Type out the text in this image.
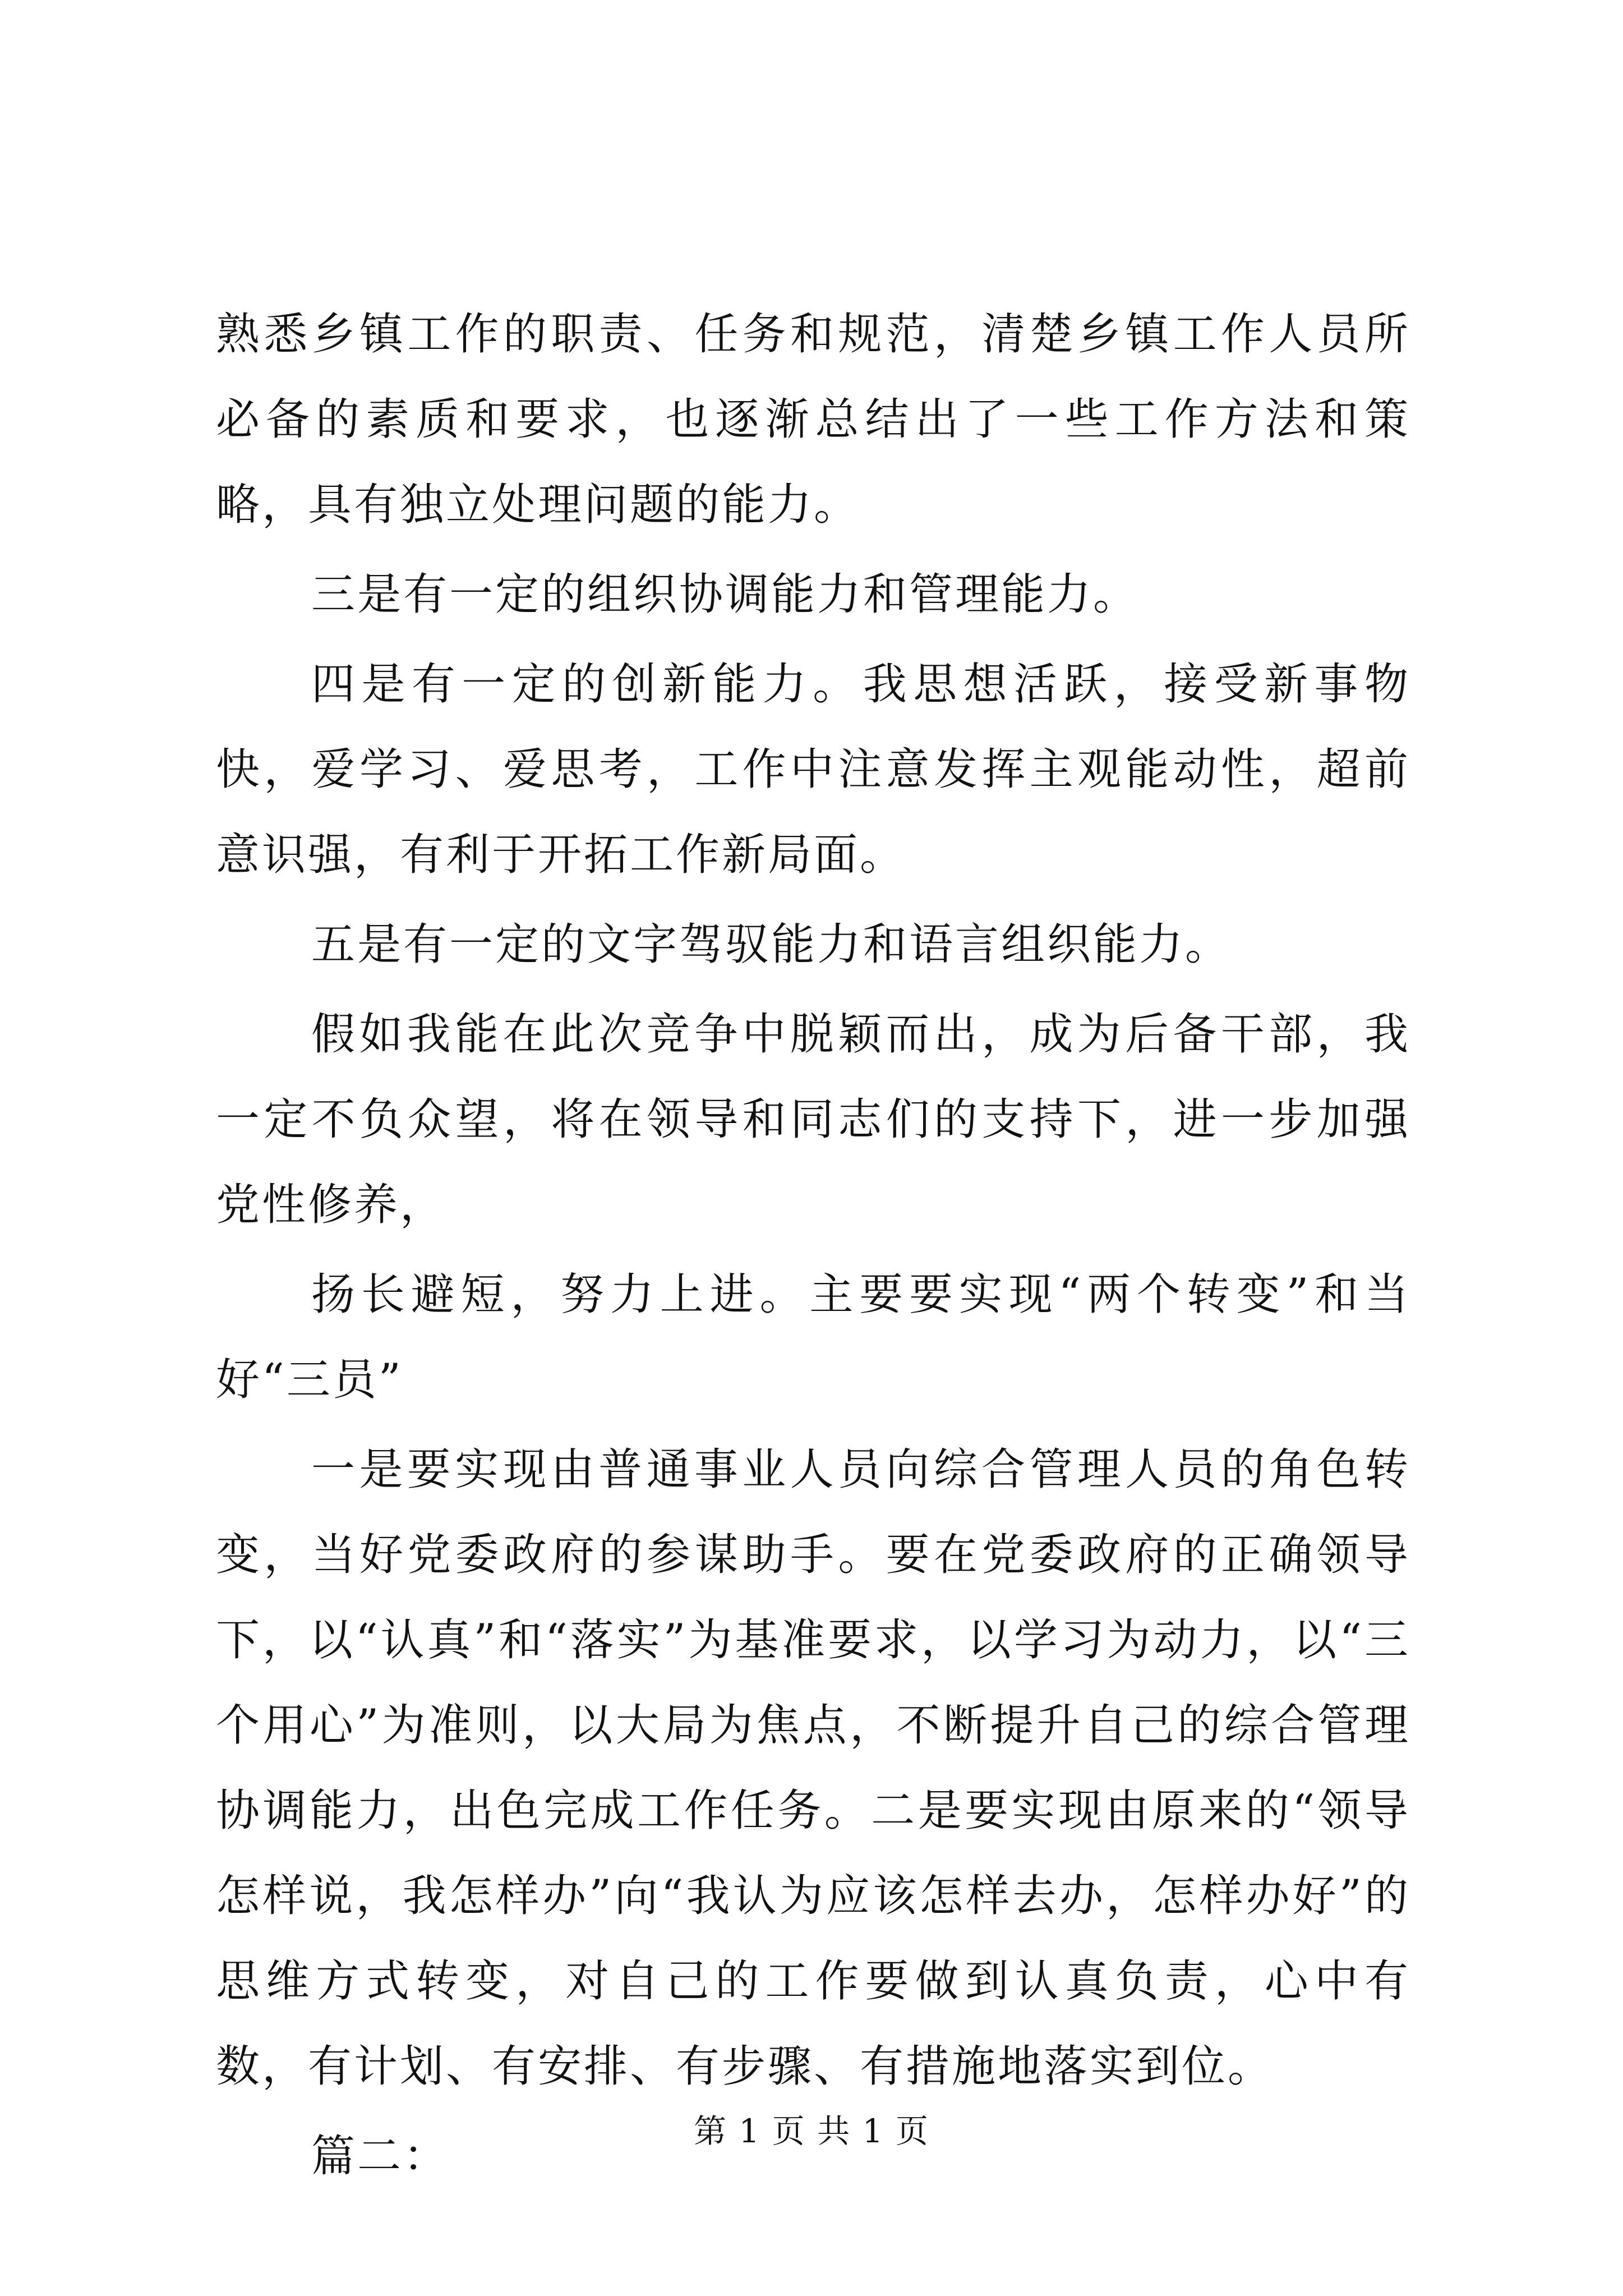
熟悉乡镇工作的职责、任务和规范，清楚乡镇工作人员所必备的素质和要求，也逐渐总结出了一些工作方法和策略，具有独立处理问题的能力。

三是有一定的组织协调能力和管理能力。

四是有一定的创新能力。我思想活跃，接受新事物快，爱学习、爱思考，工作中注意发挥主观能动性，超前意识强，有利于开拓工作新局面。

五是有一定的文字驾驭能力和语言组织能力。

假如我能在此次竞争中脱颖而出，成为后备干部，我一定不负众望，将在领导和同志们的支持下，进一步加强党性修养，

扬长避短，努力上进。主要要实现“两个转变”和当好“三员”

一是要实现由普通事业人员向综合管理人员的角色转变，当好党委政府的参谋助手。要在党委政府的正确领导下，以“认真”和“落实”为基准要求，以学习为动力，以“三个用心”为准则，以大局为焦点，不断提升自己的综合管理协调能力，出色完成工作任务。二是要实现由原来的“领导怎样说，我怎样办”向“我认为应该怎样去办，怎样办好”的思维方式转变，对自己的工作要做到认真负责，心中有数，有计划、有安排、有步骤、有措施地落实到位。

篇二：	第 1 页 共 1 页
